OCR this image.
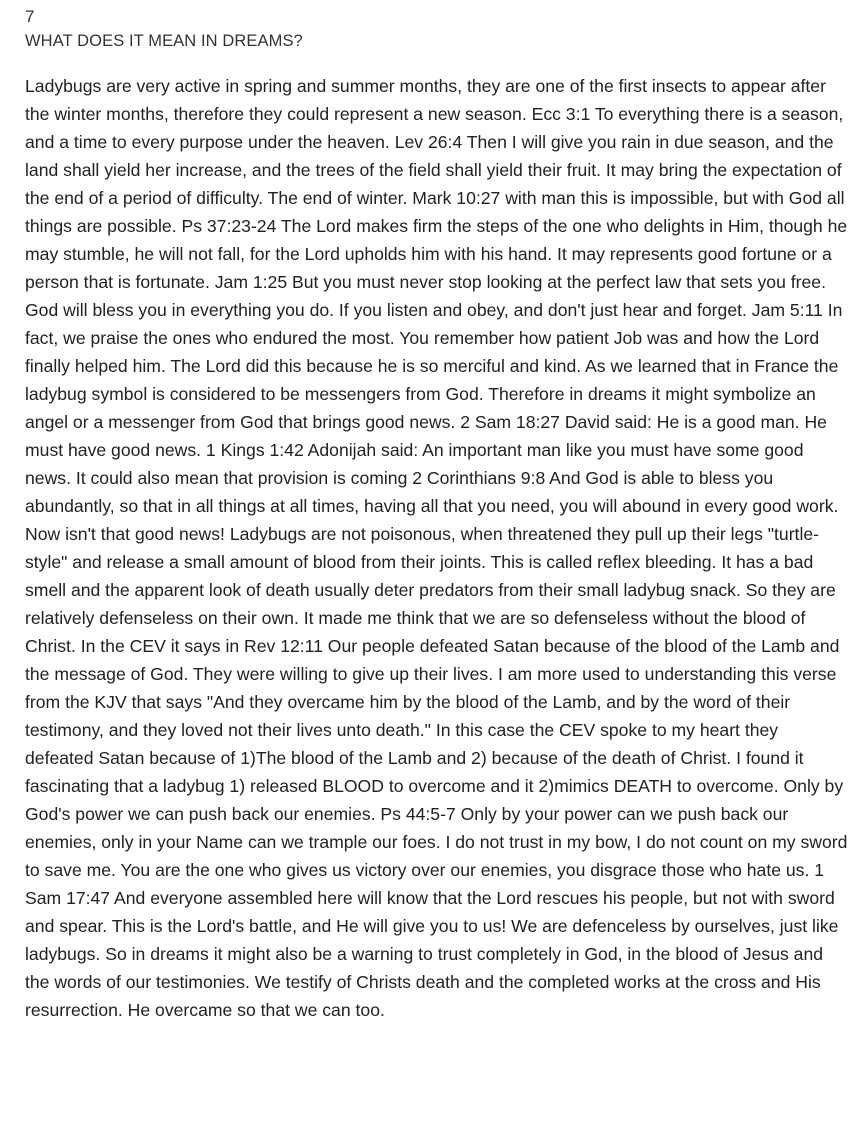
7
WHAT DOES IT MEAN IN DREAMS?

Ladybugs are very active in spring and summer months, they are one of the first insects to appear after the winter months, therefore they could represent a new season. Ecc 3:1 To everything there is a season, and a time to every purpose under the heaven. Lev 26:4 Then I will give you rain in due season, and the land shall yield her increase, and the trees of the field shall yield their fruit. It may bring the expectation of the end of a period of difficulty. The end of winter. Mark 10:27 with man this is impossible, but with God all things are possible. Ps 37:23-24 The Lord makes firm the steps of the one who delights in Him, though he may stumble, he will not fall, for the Lord upholds him with his hand. It may represents good fortune or a person that is fortunate. Jam 1:25 But you must never stop looking at the perfect law that sets you free. God will bless you in everything you do. If you listen and obey, and don't just hear and forget. Jam 5:11 In fact, we praise the ones who endured the most. You remember how patient Job was and how the Lord finally helped him. The Lord did this because he is so merciful and kind. As we learned that in France the ladybug symbol is considered to be messengers from God. Therefore in dreams it might symbolize an angel or a messenger from God that brings good news. 2 Sam 18:27 David said: He is a good man. He must have good news. 1 Kings 1:42 Adonijah said: An important man like you must have some good news. It could also mean that provision is coming 2 Corinthians 9:8 And God is able to bless you abundantly, so that in all things at all times, having all that you need, you will abound in every good work. Now isn't that good news! Ladybugs are not poisonous, when threatened they pull up their legs "turtle-style" and release a small amount of blood from their joints. This is called reflex bleeding. It has a bad smell and the apparent look of death usually deter predators from their small ladybug snack. So they are relatively defenseless on their own. It made me think that we are so defenseless without the blood of Christ. In the CEV it says in Rev 12:11 Our people defeated Satan because of the blood of the Lamb and the message of God. They were willing to give up their lives. I am more used to understanding this verse from the KJV that says "And they overcame him by the blood of the Lamb, and by the word of their testimony, and they loved not their lives unto death." In this case the CEV spoke to my heart they defeated Satan because of 1)The blood of the Lamb and 2) because of the death of Christ. I found it fascinating that a ladybug 1) released BLOOD to overcome and it 2)mimics DEATH to overcome. Only by God's power we can push back our enemies. Ps 44:5-7 Only by your power can we push back our enemies, only in your Name can we trample our foes. I do not trust in my bow, I do not count on my sword to save me. You are the one who gives us victory over our enemies, you disgrace those who hate us. 1 Sam 17:47 And everyone assembled here will know that the Lord rescues his people, but not with sword and spear. This is the Lord's battle, and He will give you to us! We are defenceless by ourselves, just like ladybugs. So in dreams it might also be a warning to trust completely in God, in the blood of Jesus and the words of our testimonies. We testify of Christs death and the completed works at the cross and His resurrection. He overcame so that we can too.
